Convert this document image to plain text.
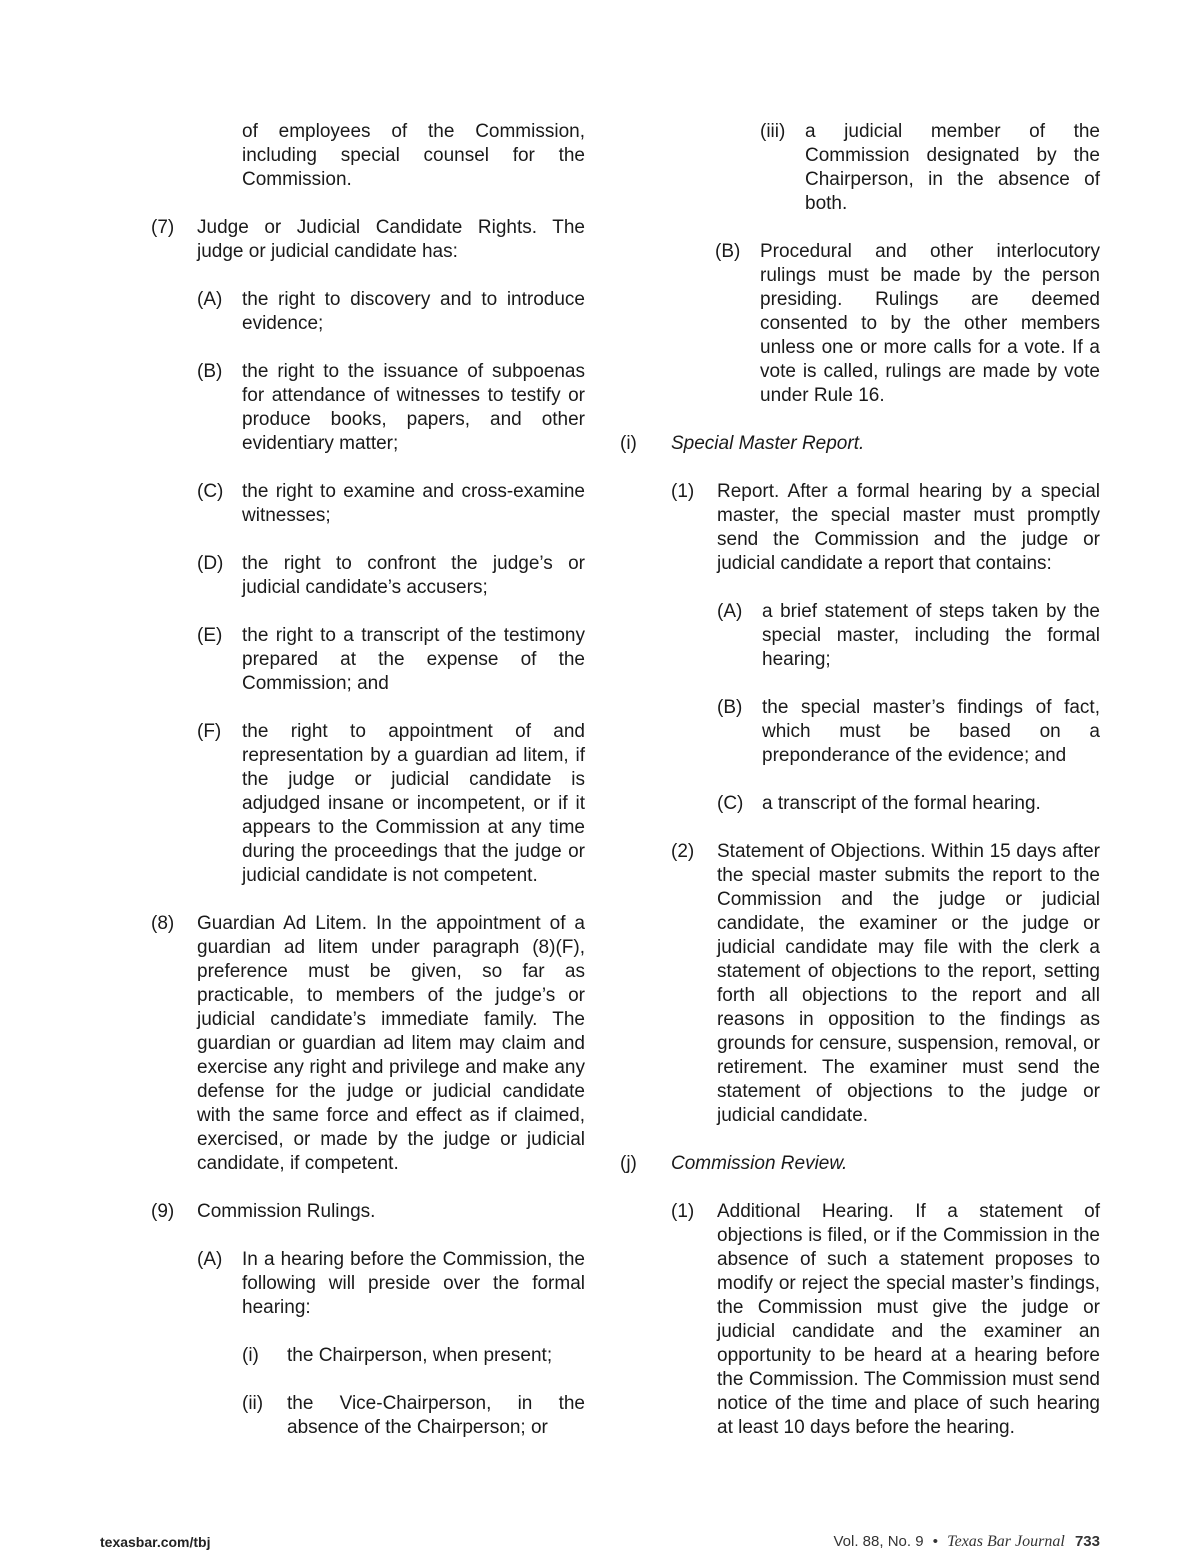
of employees of the Commission, including special counsel for the Commission.
(7)	Judge or Judicial Candidate Rights. The judge or judicial candidate has:
(A)	the right to discovery and to introduce evidence;
(B)	the right to the issuance of subpoenas for attendance of witnesses to testify or produce books, papers, and other evidentiary matter;
(C) the right to examine and cross-examine witnesses;
(D) the right to confront the judge’s or judicial candidate’s accusers;
(E)	the right to a transcript of the testimony prepared at the expense of the Commission; and
(F)	the right to appointment of and representation by a guardian ad litem, if the judge or judicial candidate is adjudged insane or incompetent, or if it appears to the Commission at any time during the proceedings that the judge or judicial candidate is not competent.
(8)	Guardian Ad Litem. In the appointment of a guardian ad litem under paragraph (8)(F), preference must be given, so far as practicable, to members of the judge’s or judicial candidate’s immediate family. The guardian or guardian ad litem may claim and exercise any right and privilege and make any defense for the judge or judicial candidate with the same force and effect as if claimed, exercised, or made by the judge or judicial candidate, if competent.
(9)	Commission Rulings.
(A)	In a hearing before the Commission, the following will preside over the formal hearing:
(i)	the Chairperson, when present;
(ii)	the Vice-Chairperson, in the absence of the Chairperson; or
(iii)	a judicial member of the Commission designated by the Chairperson, in the absence of both.
(B)	Procedural and other interlocutory rulings must be made by the person presiding. Rulings are deemed consented to by the other members unless one or more calls for a vote. If a vote is called, rulings are made by vote under Rule 16.
(i)	Special Master Report.
(1)	Report. After a formal hearing by a special master, the special master must promptly send the Commission and the judge or judicial candidate a report that contains:
(A)	a brief statement of steps taken by the special master, including the formal hearing;
(B)	the special master’s findings of fact, which must be based on a preponderance of the evidence; and
(C) a transcript of the formal hearing.
(2)	Statement of Objections. Within 15 days after the special master submits the report to the Commission and the judge or judicial candidate, the examiner or the judge or judicial candidate may file with the clerk a statement of objections to the report, setting forth all objections to the report and all reasons in opposition to the findings as grounds for censure, suspension, removal, or retirement. The examiner must send the statement of objections to the judge or judicial candidate.
(j)	Commission Review.
(1)	Additional Hearing. If a statement of objections is filed, or if the Commission in the absence of such a statement proposes to modify or reject the special master’s findings, the Commission must give the judge or judicial candidate and the examiner an opportunity to be heard at a hearing before the Commission. The Commission must send notice of the time and place of such hearing at least 10 days before the hearing.
texasbar.com/tbj	Vol. 88, No. 9 • Texas Bar Journal 733
